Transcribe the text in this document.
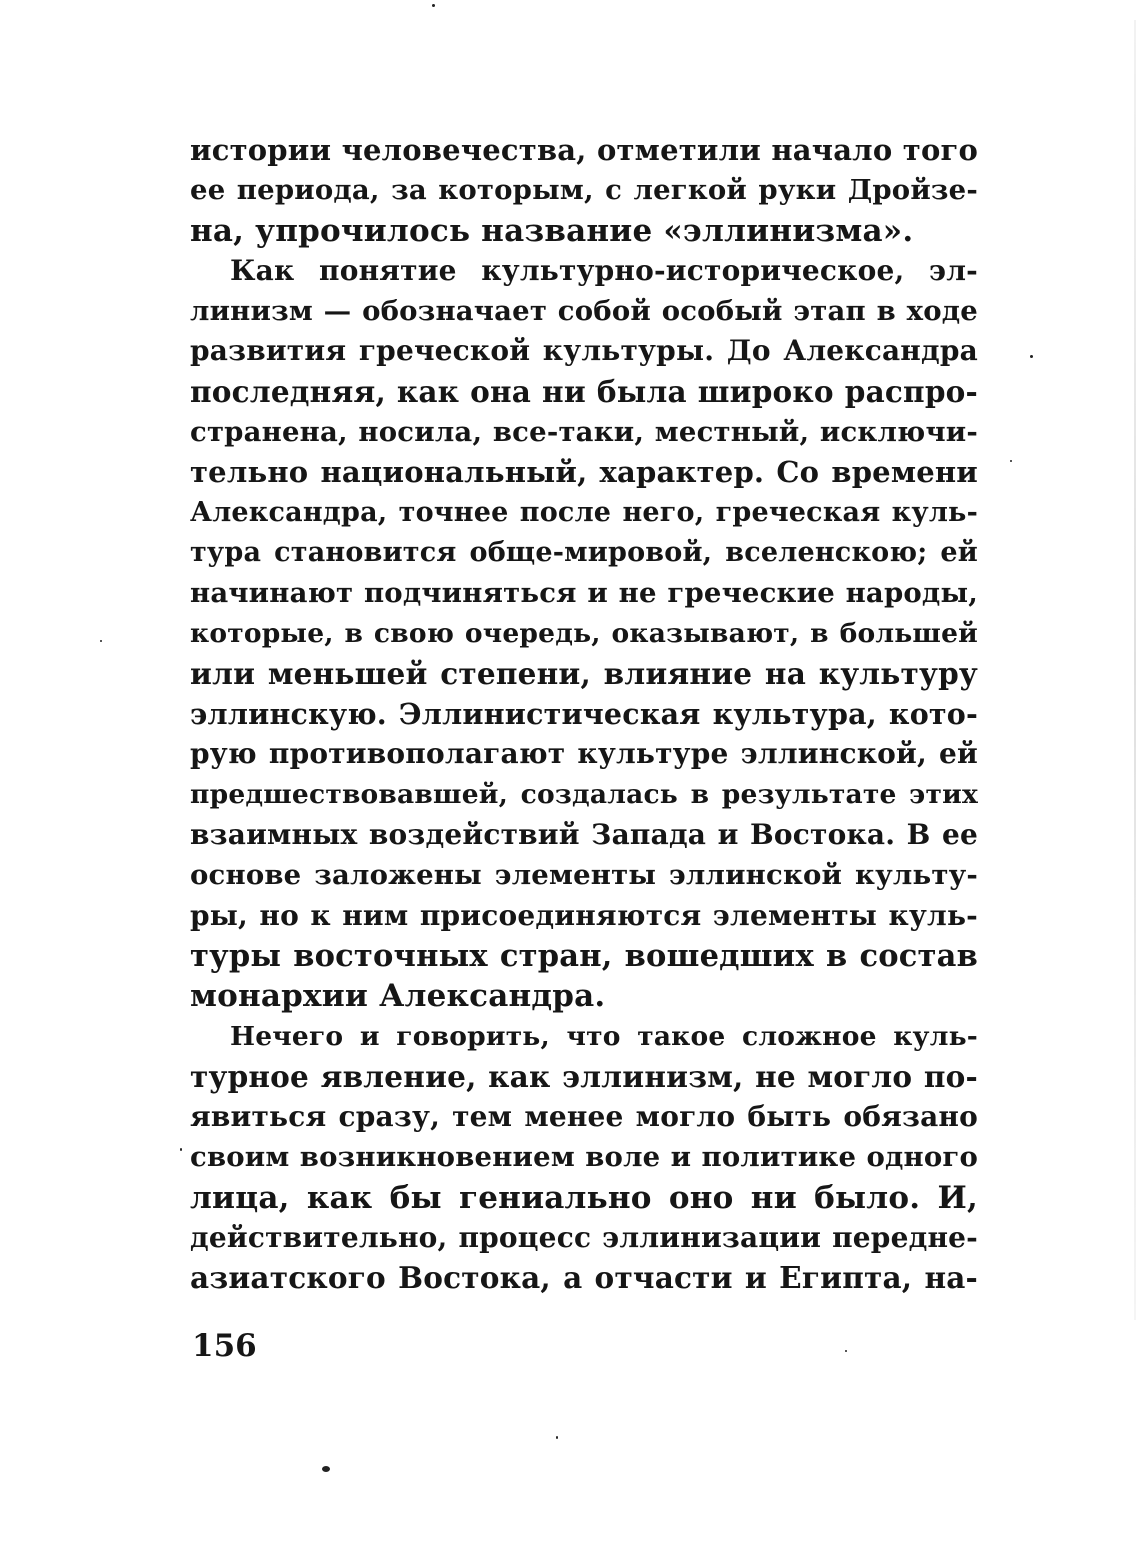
истории человечества, отметили начало того
ее периода, за которым, с легкой руки Дройзе-
на, упрочилось название «эллинизма».
Как понятие культурно-историческое, эл-
линизм — обозначает собой особый этап в ходе
развития греческой культуры. До Александра
последняя, как она ни была широко распро-
странена, носила, все-таки, местный, исключи-
тельно национальный, характер. Со времени
Александра, точнее после него, греческая куль-
тура становится обще-мировой, вселенскою; ей
начинают подчиняться и не греческие народы,
которые, в свою очередь, оказывают, в большей
или меньшей степени, влияние на культуру
эллинскую. Эллинистическая культура, кото-
рую противополагают культуре эллинской, ей
предшествовавшей, создалась в результате этих
взаимных воздействий Запада и Востока. В ее
основе заложены элементы эллинской культу-
ры, но к ним присоединяются элементы куль-
туры восточных стран, вошедших в состав
монархии Александра.
Нечего и говорить, что такое сложное куль-
турное явление, как эллинизм, не могло по-
явиться сразу, тем менее могло быть обязано
своим возникновением воле и политике одного
лица, как бы гениально оно ни было. И,
действительно, процесс эллинизации передне-
азиатского Востока, а отчасти и Египта, на-
156
